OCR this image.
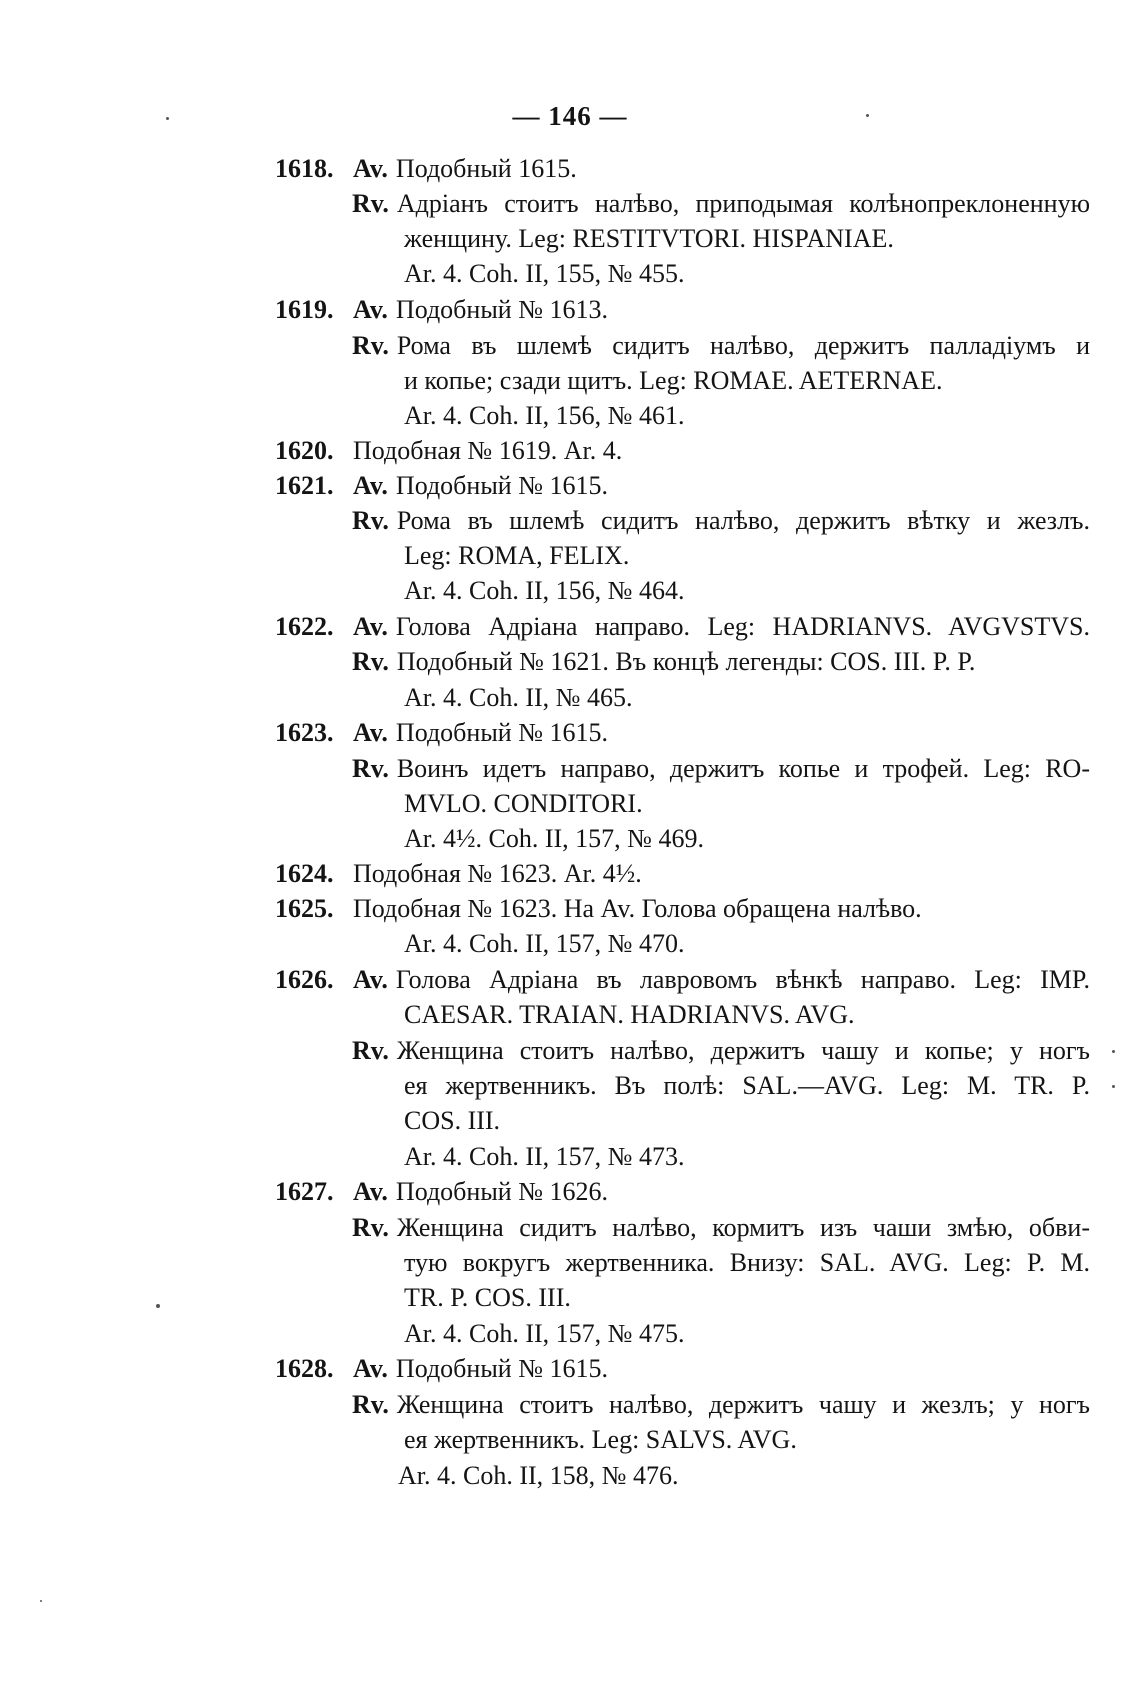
— 146 —
1618. Av. Подобный 1615.
Rv. Адріанъ стоитъ налѣво, приподымая колѣнопреклоненную
женщину. Leg: RESTITVTORI. HISPANIAE.
Ar. 4. Coh. II, 155, № 455.
1619. Av. Подобный № 1613.
Rv. Рома въ шлемѣ сидитъ налѣво, держитъ палладіумъ и
и копье; сзади щитъ. Leg: ROMAE. AETERNAE.
Ar. 4. Coh. II, 156, № 461.
1620. Подобная № 1619. Ar. 4.
1621. Av. Подобный № 1615.
Rv. Рома въ шлемѣ сидитъ налѣво, держитъ вѣтку и жезлъ.
Leg: ROMA, FELIX.
Ar. 4. Coh. II, 156, № 464.
1622. Av. Голова Адріана направо. Leg: HADRIANVS. AVGVSTVS.
Rv. Подобный № 1621. Въ концѣ легенды: COS. III. P. P.
Ar. 4. Coh. II, № 465.
1623. Av. Подобный № 1615.
Rv. Воинъ идетъ направо, держитъ копье и трофей. Leg: RO-
MVLO. CONDITORI.
Ar. 4½. Coh. II, 157, № 469.
1624. Подобная № 1623. Ar. 4½.
1625. Подобная № 1623. На Av. Голова обращена налѣво.
Ar. 4. Coh. II, 157, № 470.
1626. Av. Голова Адріана въ лавровомъ вѣнкѣ направо. Leg: IMP.
CAESAR. TRAIAN. HADRIANVS. AVG.
Rv. Женщина стоитъ налѣво, держитъ чашу и копье; у ногъ
ея жертвенникъ. Въ полѣ: SAL.—AVG. Leg: M. TR. P.
COS. III.
Ar. 4. Coh. II, 157, № 473.
1627. Av. Подобный № 1626.
Rv. Женщина сидитъ налѣво, кормитъ изъ чаши змѣю, обви-
тую вокругъ жертвенника. Внизу: SAL. AVG. Leg: P. M.
TR. P. COS. III.
Ar. 4. Coh. II, 157, № 475.
1628. Av. Подобный № 1615.
Rv. Женщина стоитъ налѣво, держитъ чашу и жезлъ; у ногъ
ея жертвенникъ. Leg: SALVS. AVG.
Ar. 4. Coh. II, 158, № 476.
